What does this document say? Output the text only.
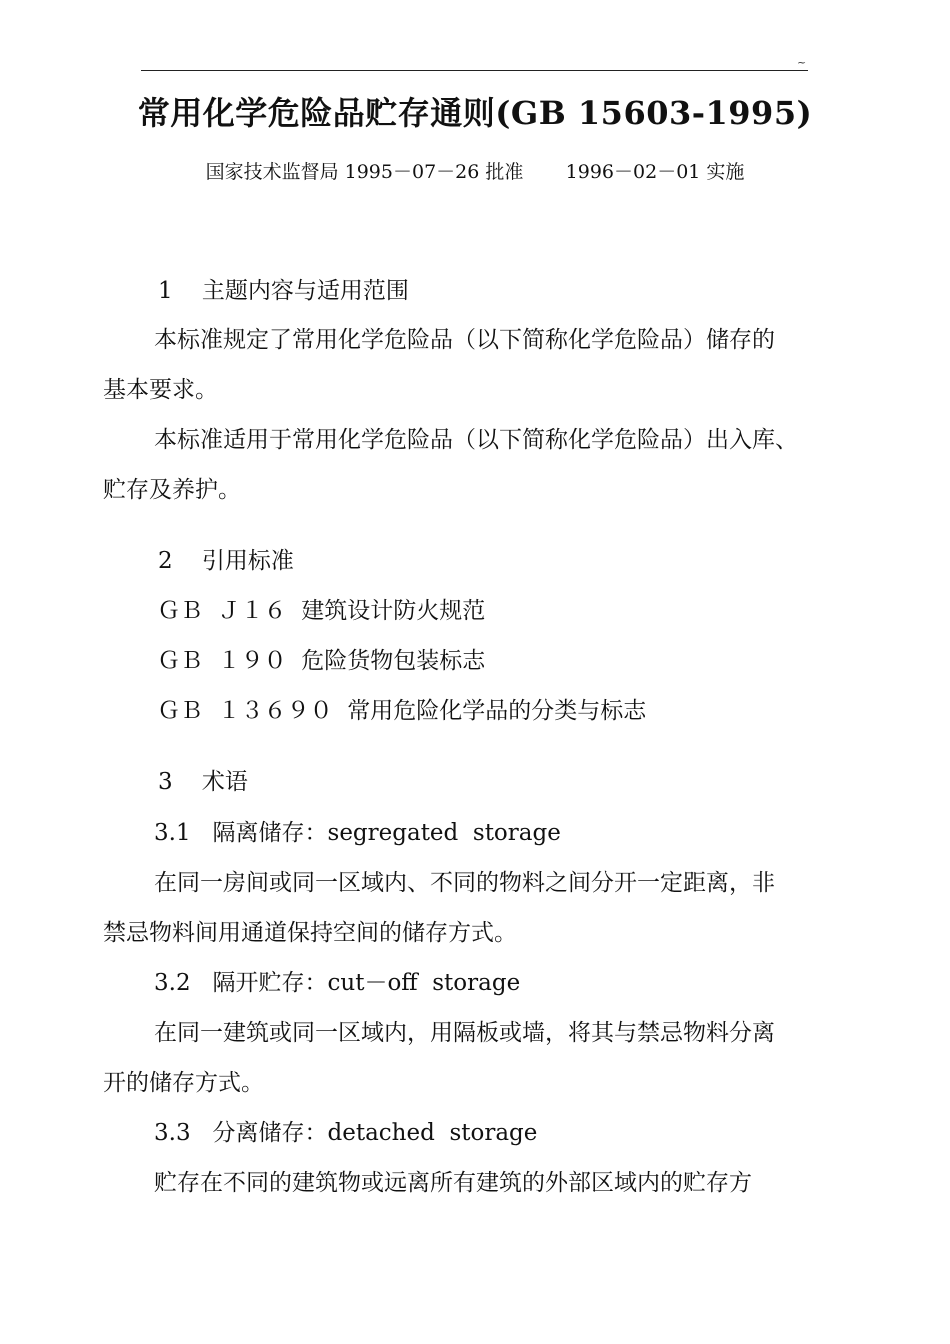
~
常用化学危险品贮存通则(GB 15603-1995)
国家技术监督局 1995－07－26 批准       1996－02－01 实施
1    主题内容与适用范围
本标准规定了常用化学危险品（以下简称化学危险品）储存的
基本要求。
本标准适用于常用化学危险品（以下简称化学危险品）出入库、
贮存及养护。
2    引用标准
ＧＢ  Ｊ１６  建筑设计防火规范
ＧＢ  １９０  危险货物包装标志
ＧＢ  １３６９０  常用危险化学品的分类与标志
3    术语
3.1   隔离储存：segregated  storage
在同一房间或同一区域内、不同的物料之间分开一定距离，非
禁忌物料间用通道保持空间的储存方式。
3.2   隔开贮存：cut－off  storage
在同一建筑或同一区域内，用隔板或墙，将其与禁忌物料分离
开的储存方式。
3.3   分离储存：detached  storage
贮存在不同的建筑物或远离所有建筑的外部区域内的贮存方
